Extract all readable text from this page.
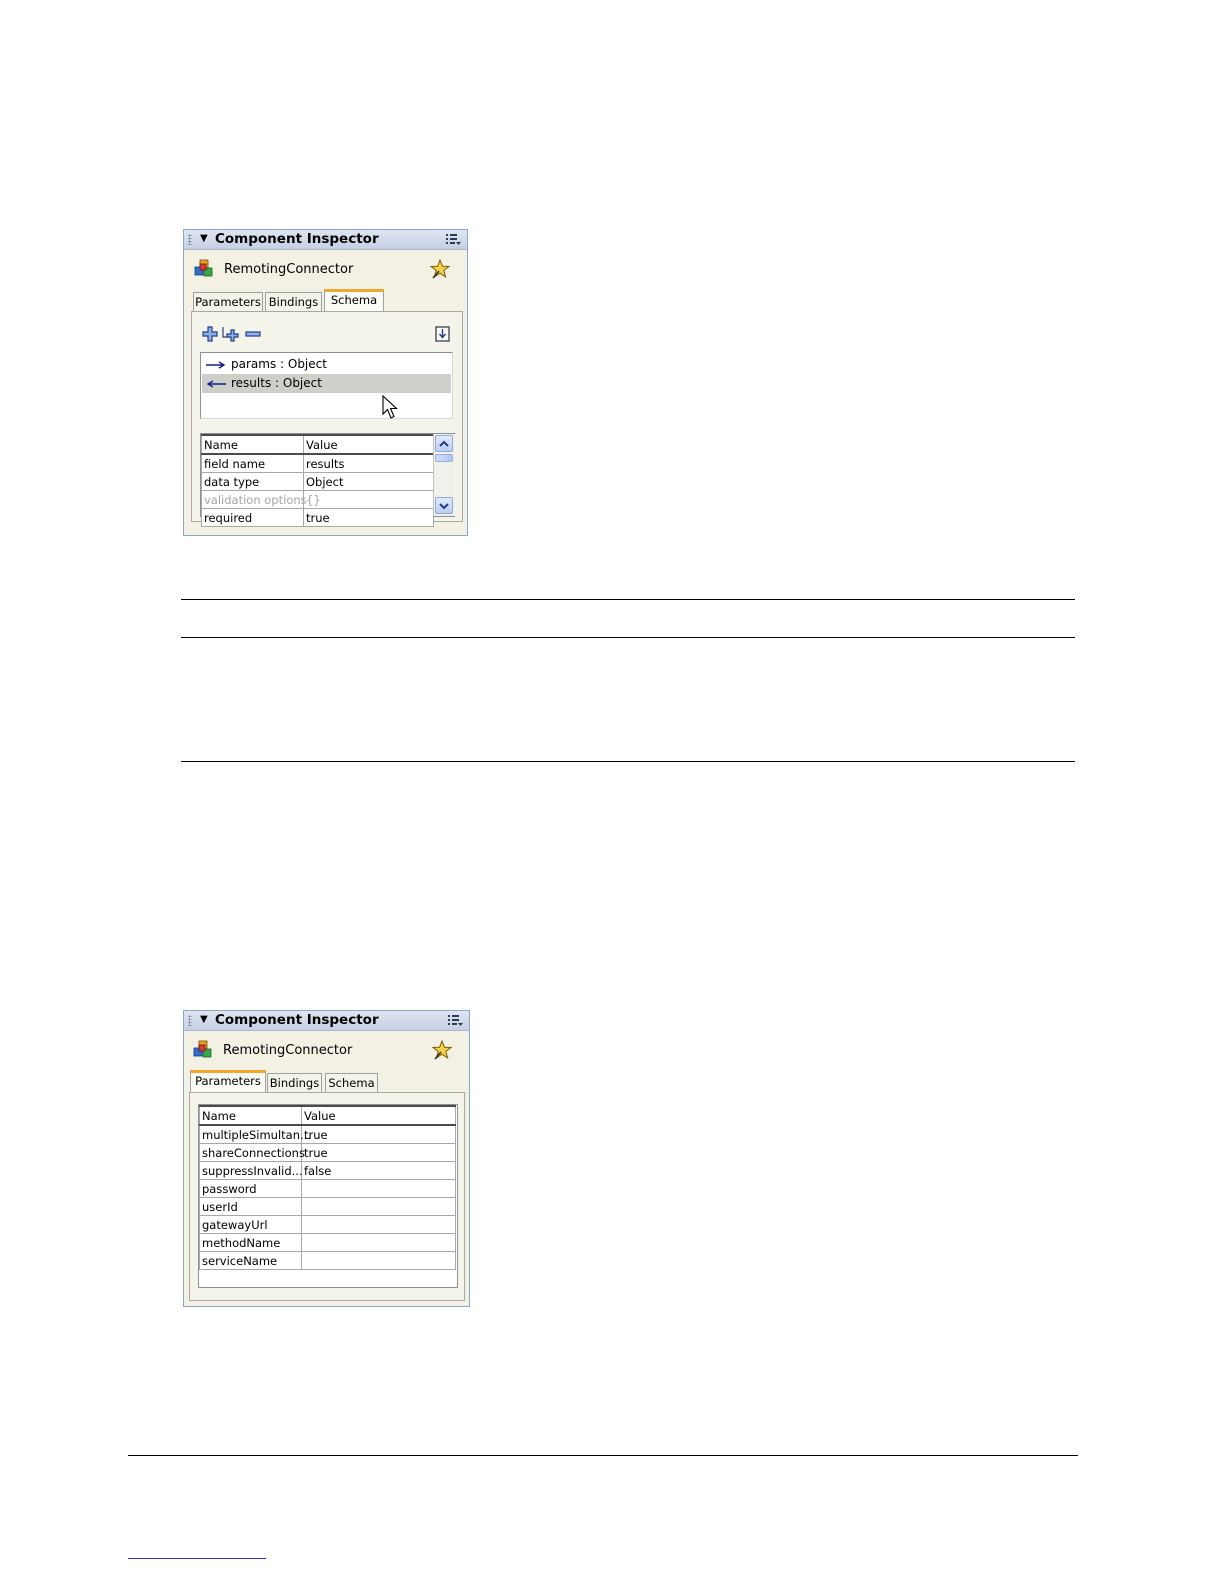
▼ Component Inspector
RemotingConnector
Parameters Bindings	Schema
params : Object
results : Object
Name	Value
field name	results
data type	Object
validation options	{}
required	true
▼ Component Inspector
RemotingConnector
Parameters Bindings Schema
Name	Value
multipleSimultan...	true
shareConnections	true
suppressInvalid...	false
password	
userId	
gatewayUrl	
methodName	
serviceName	
